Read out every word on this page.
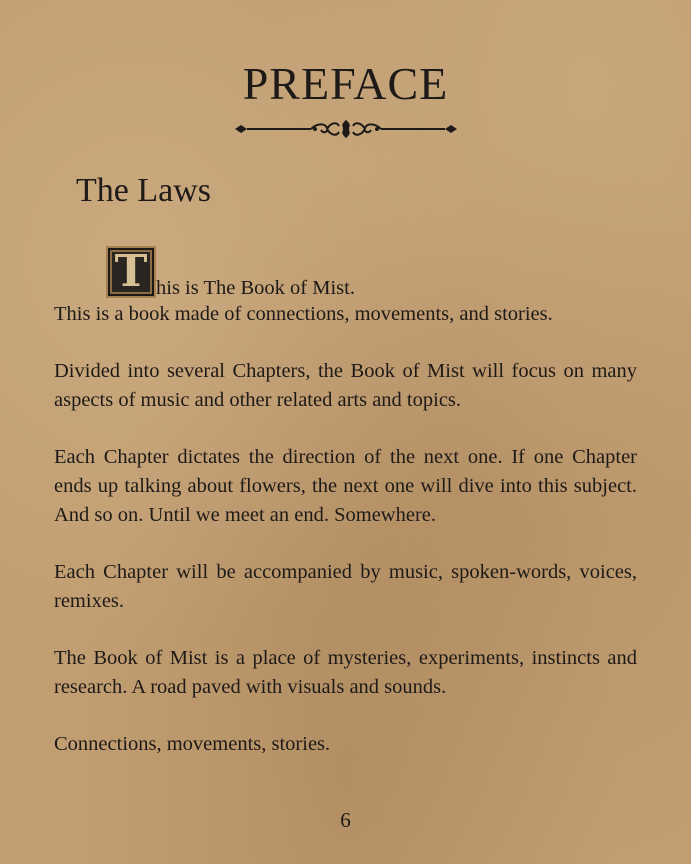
PREFACE
The Laws
T his is The Book of Mist.
This is a book made of connections, movements, and stories.

Divided into several Chapters, the Book of Mist will focus on many aspects of music and other related arts and topics.

Each Chapter dictates the direction of the next one. If one Chapter ends up talking about flowers, the next one will dive into this subject. And so on. Until we meet an end. Somewhere.

Each Chapter will be accompanied by music, spoken-words, voices, remixes.

The Book of Mist is a place of mysteries, experiments, instincts and research. A road paved with visuals and sounds.

Connections, movements, stories.

6
